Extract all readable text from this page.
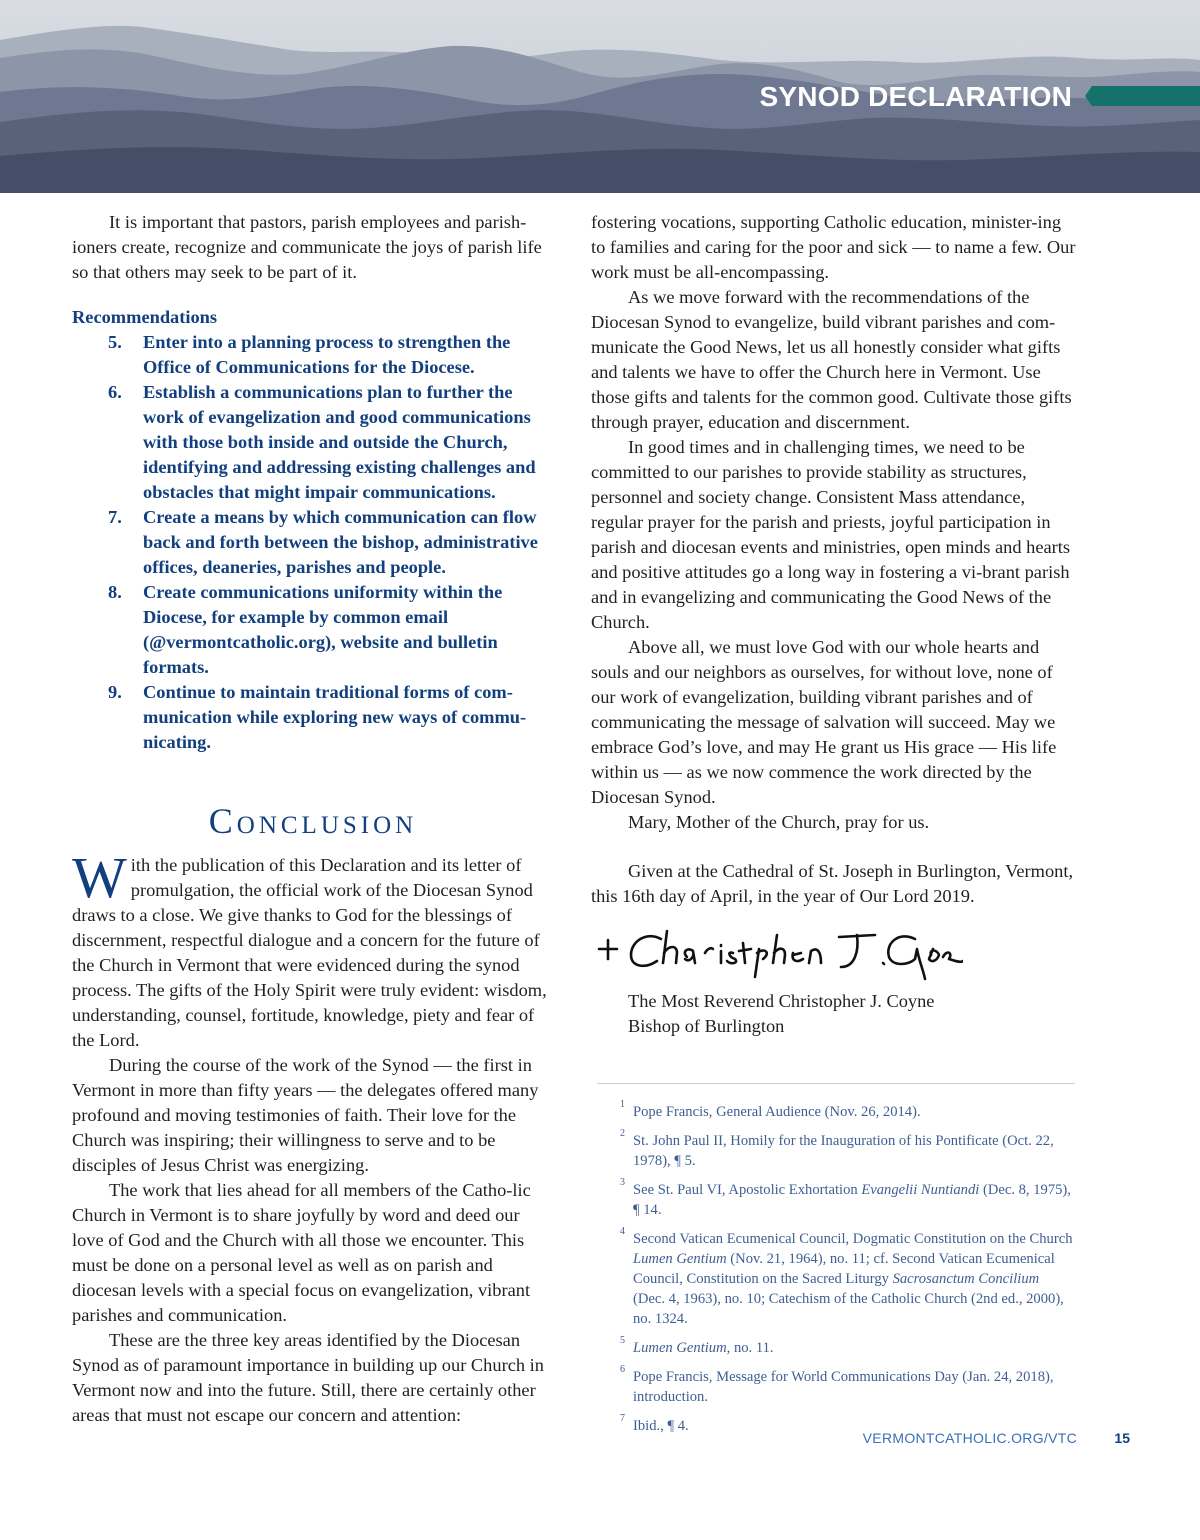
SYNOD DECLARATION

It is important that pastors, parish employees and parish-ioners create, recognize and communicate the joys of parish life so that others may seek to be part of it.

Recommendations

5. Enter into a planning process to strengthen the Office of Communications for the Diocese.
6. Establish a communications plan to further the work of evangelization and good communications with those both inside and outside the Church, identifying and addressing existing challenges and obstacles that might impair communications.
7. Create a means by which communication can flow back and forth between the bishop, administrative offices, deaneries, parishes and people.
8. Create communications uniformity within the Diocese, for example by common email (@vermontcatholic.org), website and bulletin formats.
9. Continue to maintain traditional forms of com-munication while exploring new ways of commu-nicating.
Conclusion

With the publication of this Declaration and its letter of promulgation, the official work of the Diocesan Synod draws to a close. We give thanks to God for the blessings of discernment, respectful dialogue and a concern for the future of the Church in Vermont that were evidenced during the synod process. The gifts of the Holy Spirit were truly evident: wisdom, understanding, counsel, fortitude, knowledge, piety and fear of the Lord.

During the course of the work of the Synod — the first in Vermont in more than fifty years — the delegates offered many profound and moving testimonies of faith. Their love for the Church was inspiring; their willingness to serve and to be disciples of Jesus Christ was energizing.

The work that lies ahead for all members of the Catho-lic Church in Vermont is to share joyfully by word and deed our love of God and the Church with all those we encounter. This must be done on a personal level as well as on parish and diocesan levels with a special focus on evangelization, vibrant parishes and communication.

These are the three key areas identified by the Diocesan Synod as of paramount importance in building up our Church in Vermont now and into the future. Still, there are certainly other areas that must not escape our concern and attention:

fostering vocations, supporting Catholic education, minister-ing to families and caring for the poor and sick — to name a few. Our work must be all-encompassing.

As we move forward with the recommendations of the Diocesan Synod to evangelize, build vibrant parishes and com-municate the Good News, let us all honestly consider what gifts and talents we have to offer the Church here in Vermont. Use those gifts and talents for the common good. Cultivate those gifts through prayer, education and discernment.

In good times and in challenging times, we need to be committed to our parishes to provide stability as structures, personnel and society change. Consistent Mass attendance, regular prayer for the parish and priests, joyful participation in parish and diocesan events and ministries, open minds and hearts and positive attitudes go a long way in fostering a vi-brant parish and in evangelizing and communicating the Good News of the Church.

Above all, we must love God with our whole hearts and souls and our neighbors as ourselves, for without love, none of our work of evangelization, building vibrant parishes and of communicating the message of salvation will succeed. May we embrace God’s love, and may He grant us His grace — His life within us — as we now commence the work directed by the Diocesan Synod.

Mary, Mother of the Church, pray for us.

Given at the Cathedral of St. Joseph in Burlington, Vermont, this 16th day of April, in the year of Our Lord 2019.

The Most Reverend Christopher J. Coyne

Bishop of Burlington

1 Pope Francis, General Audience (Nov. 26, 2014).
2 St. John Paul II, Homily for the Inauguration of his Pontificate (Oct. 22, 1978), ¶ 5.
3 See St. Paul VI, Apostolic Exhortation Evangelii Nuntiandi (Dec. 8, 1975), ¶ 14.
4 Second Vatican Ecumenical Council, Dogmatic Constitution on the Church Lumen Gentium (Nov. 21, 1964), no. 11; cf. Second Vatican Ecumenical Council, Constitution on the Sacred Liturgy Sacrosanctum Concilium (Dec. 4, 1963), no. 10; Catechism of the Catholic Church (2nd ed., 2000), no. 1324.
5 Lumen Gentium, no. 11.
6 Pope Francis, Message for World Communications Day (Jan. 24, 2018), introduction.
7 Ibid., ¶ 4.
VERMONTCATHOLIC.ORG/VTC	15
